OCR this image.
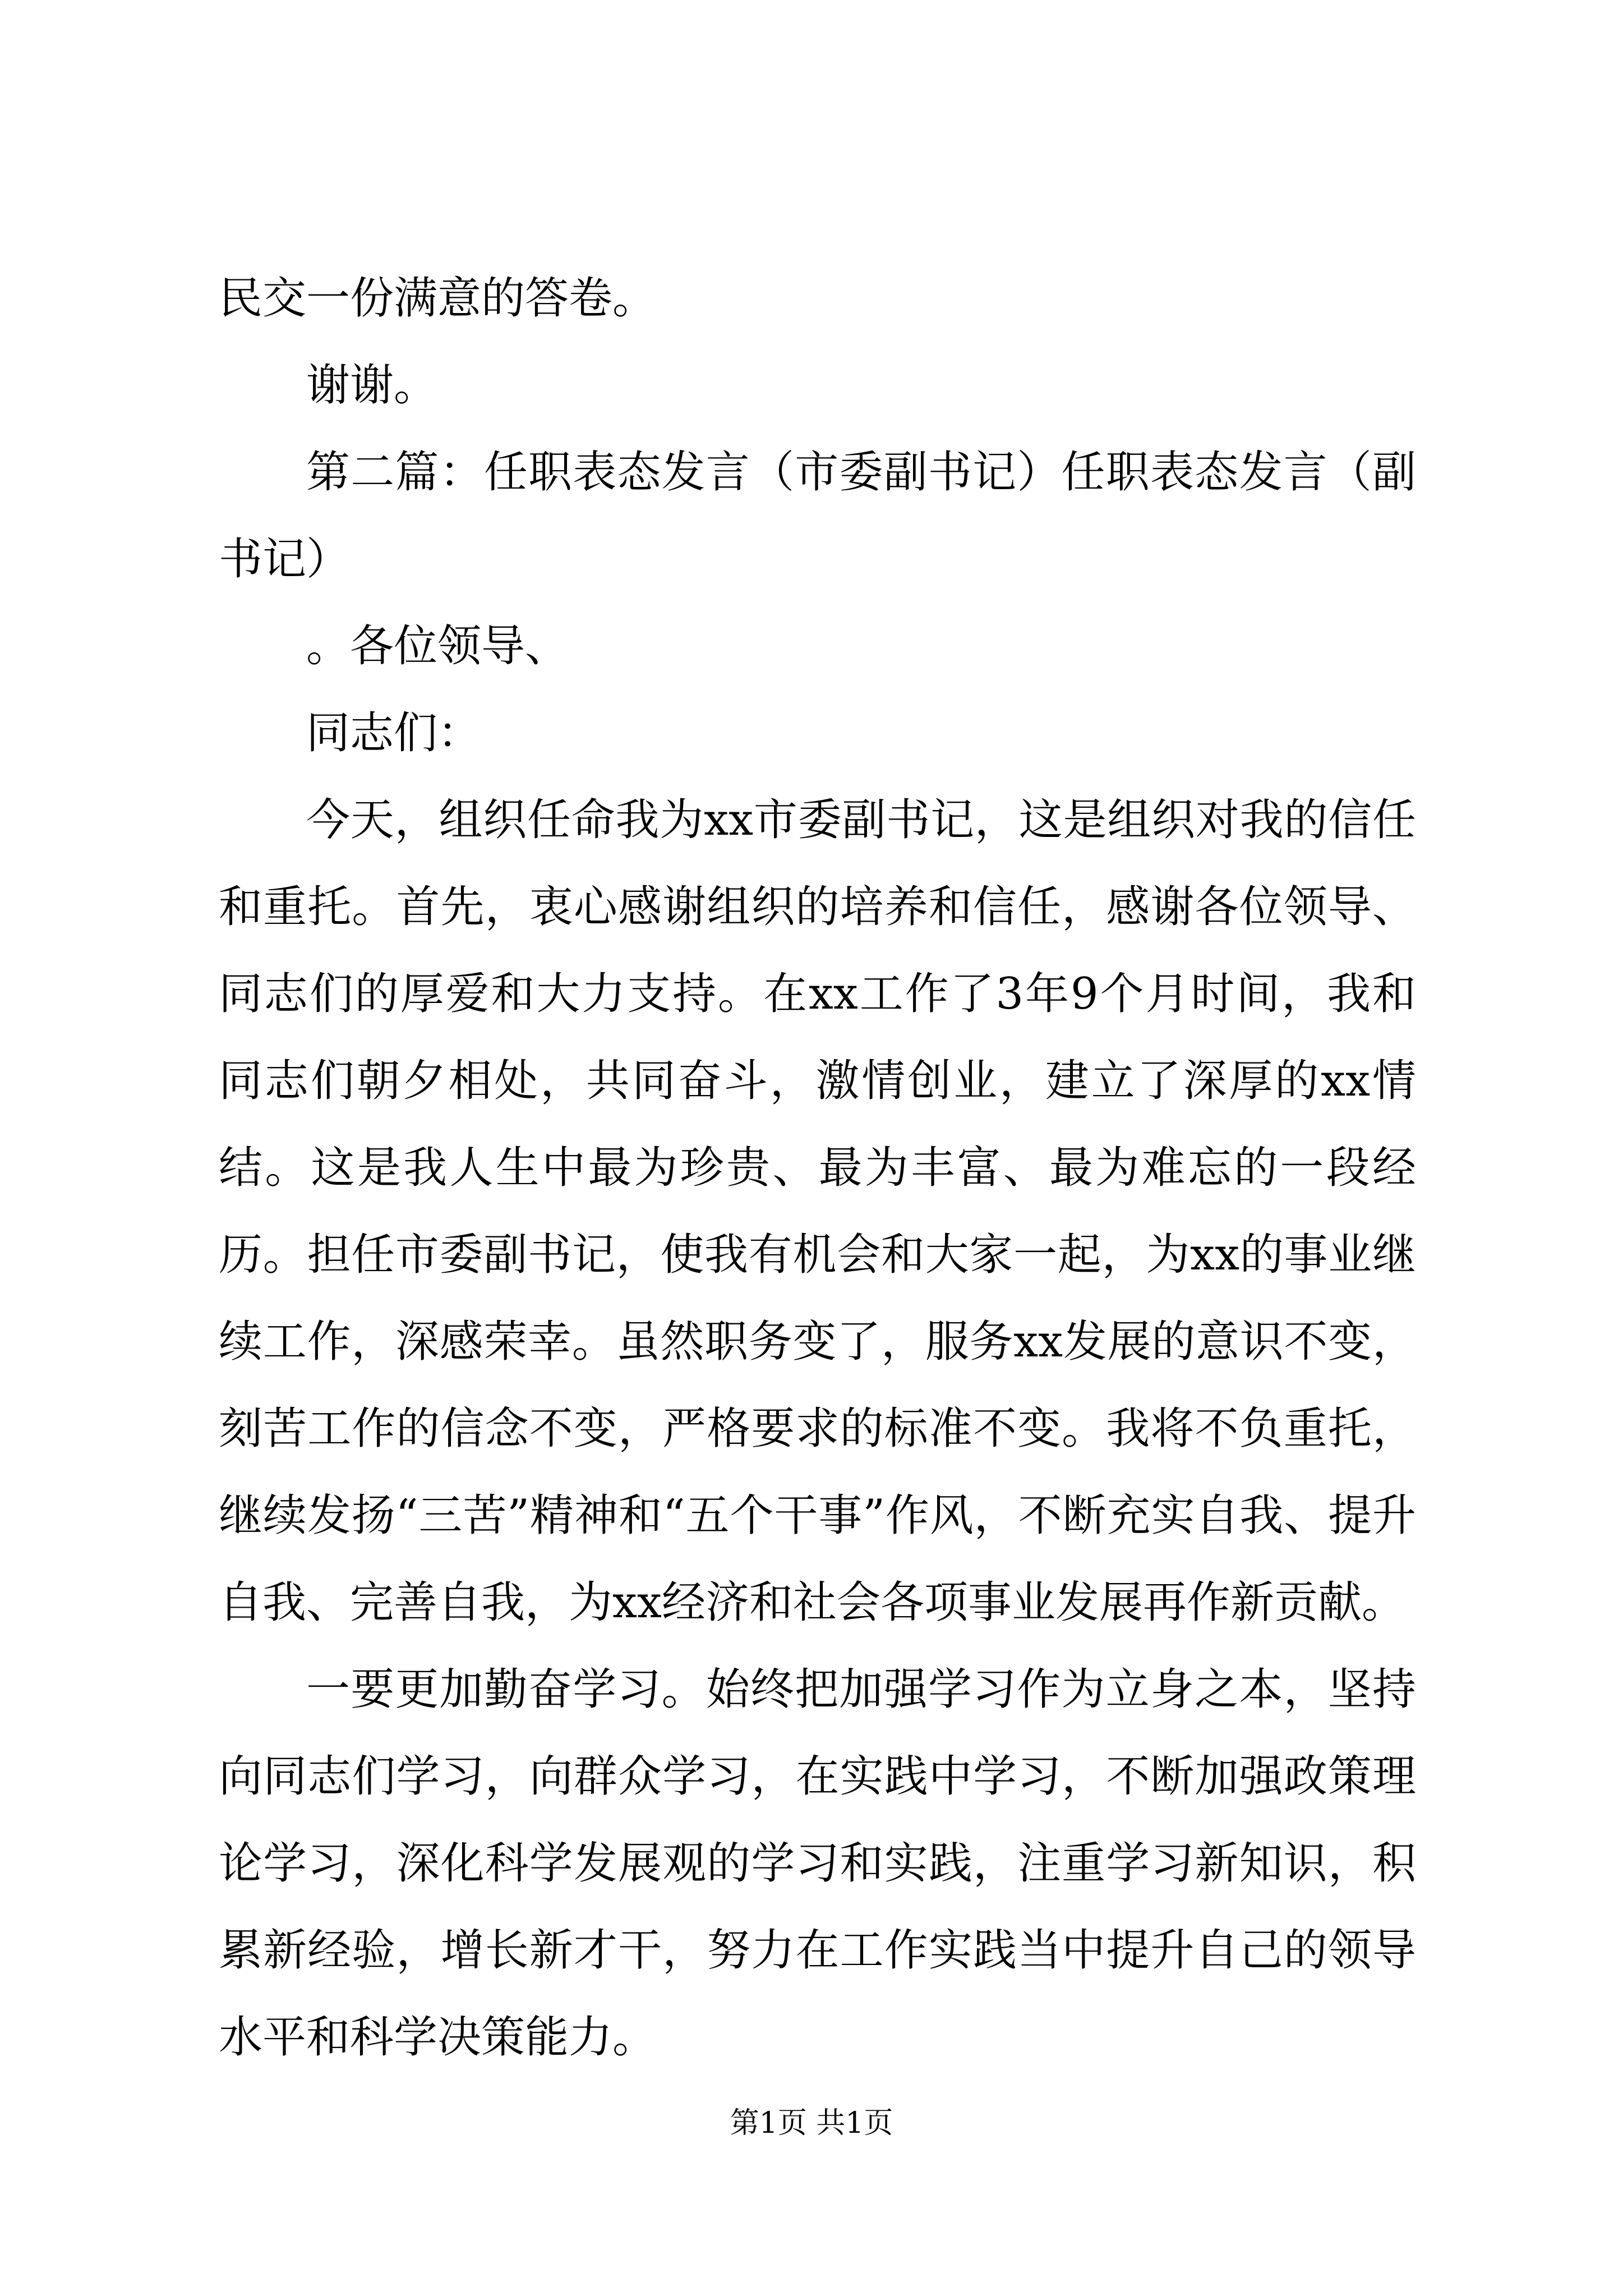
民交一份满意的答卷。

谢谢。

第二篇：任职表态发言（市委副书记）任职表态发言（副书记）

。各位领导、

同志们：

今天，组织任命我为xx市委副书记，这是组织对我的信任和重托。首先，衷心感谢组织的培养和信任，感谢各位领导、同志们的厚爱和大力支持。在xx工作了3年9个月时间，我和同志们朝夕相处，共同奋斗，激情创业，建立了深厚的xx情结。这是我人生中最为珍贵、最为丰富、最为难忘的一段经历。担任市委副书记，使我有机会和大家一起，为xx的事业继续工作，深感荣幸。虽然职务变了，服务xx发展的意识不变，刻苦工作的信念不变，严格要求的标准不变。我将不负重托，继续发扬“三苦”精神和“五个干事”作风，不断充实自我、提升自我、完善自我，为xx经济和社会各项事业发展再作新贡献。

一要更加勤奋学习。始终把加强学习作为立身之本，坚持向同志们学习，向群众学习，在实践中学习，不断加强政策理论学习，深化科学发展观的学习和实践，注重学习新知识，积累新经验，增长新才干，努力在工作实践当中提升自己的领导水平和科学决策能力。

第1页 共1页
